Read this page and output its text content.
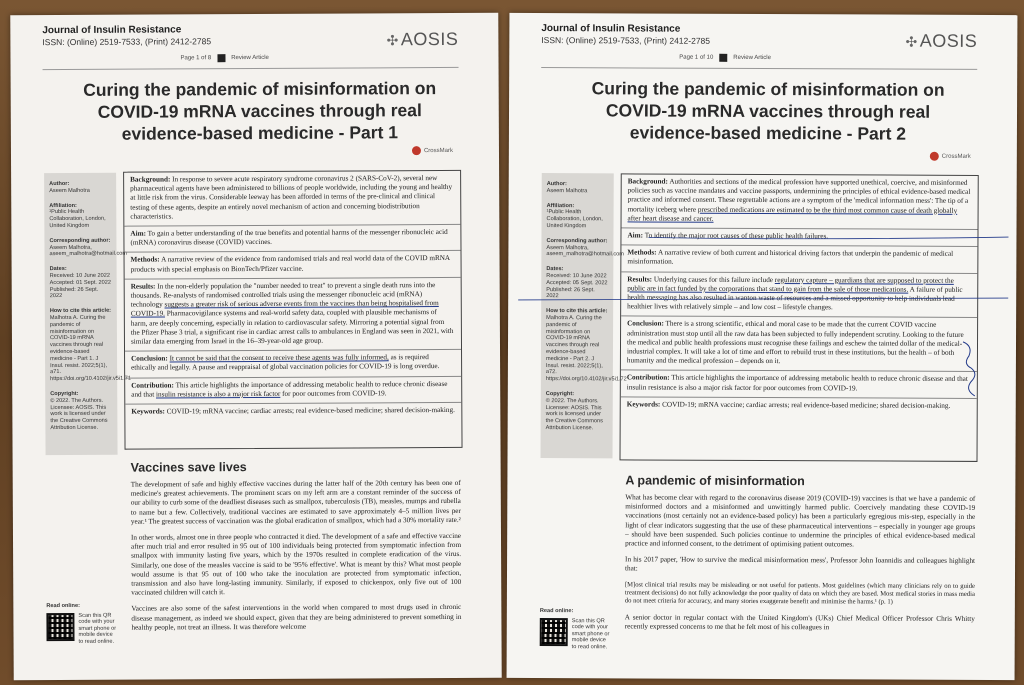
Journal of Insulin Resistance
ISSN: (Online) 2519-7533, (Print) 2412-2785	✣ AOSIS
Page 1 of 8	Review Article
Curing the pandemic of misinformation on COVID-19 mRNA vaccines through real evidence-based medicine - Part 1
CrossMark
Author:
Aseem Malhotra
Affiliation:
¹Public Health Collaboration, London, United Kingdom
Corresponding author:
Aseem Malhotra, aseem_malhotra@hotmail.com
Dates:
Received: 10 June 2022 Accepted: 01 Sept. 2022 Published: 26 Sept. 2022
How to cite this article:
Malhotra A. Curing the pandemic of misinformation on COVID-19 mRNA vaccines through real evidence-based medicine - Part 1. J Insul. resist. 2022;5(1), a71. https://doi.org/10.4102/jir.v5i1.71
Copyright:
© 2022. The Authors. Licensee: AOSIS. This work is licensed under the Creative Commons Attribution License.

Background: In response to severe acute respiratory syndrome coronavirus 2 (SARS-CoV-2), several new pharmaceutical agents have been administered to billions of people worldwide, including the young and healthy at little risk from the virus. Considerable leeway has been afforded in terms of the pre-clinical and clinical testing of these agents, despite an entirely novel mechanism of action and concerning biodistribution characteristics.

Aim: To gain a better understanding of the true benefits and potential harms of the messenger ribonucleic acid (mRNA) coronavirus disease (COVID) vaccines.

Methods: A narrative review of the evidence from randomised trials and real world data of the COVID mRNA products with special emphasis on BionTech/Pfizer vaccine.

Results: In the non-elderly population the "number needed to treat" to prevent a single death runs into the thousands. Re-analysts of randomised controlled trials using the messenger ribonucleic acid (mRNA) technology suggests a greater risk of serious adverse events from the vaccines than being hospitalised from COVID-19. Pharmacovigilance systems and real-world safety data, coupled with plausible mechanisms of harm, are deeply concerning, especially in relation to cardiovascular safety. Mirroring a potential signal from the Pfizer Phase 3 trial, a significant rise in cardiac arrest calls to ambulances in England was seen in 2021, with similar data emerging from Israel in the 16–39-year-old age group.

Conclusion: It cannot be said that the consent to receive these agents was fully informed, as is required ethically and legally. A pause and reappraisal of global vaccination policies for COVID-19 is long overdue.

Contribution: This article highlights the importance of addressing metabolic health to reduce chronic disease and that insulin resistance is also a major risk factor for poor outcomes from COVID-19.

Keywords: COVID-19; mRNA vaccine; cardiac arrests; real evidence-based medicine; shared decision-making.

Vaccines save lives

The development of safe and highly effective vaccines during the latter half of the 20th century has been one of medicine's greatest achievements. The prominent scars on my left arm are a constant reminder of the success of our ability to curb some of the deadliest diseases such as smallpox, tuberculosis (TB), measles, mumps and rubella to name but a few. Collectively, traditional vaccines are estimated to save approximately 4–5 million lives per year.¹ The greatest success of vaccination was the global eradication of smallpox, which had a 30% mortality rate.²

In other words, almost one in three people who contracted it died. The development of a safe and effective vaccine after much trial and error resulted in 95 out of 100 individuals being protected from symptomatic infection from smallpox with immunity lasting five years, which by the 1970s resulted in complete eradication of the virus. Similarly, one dose of the measles vaccine is said to be '95% effective'. What is meant by this? What most people would assume is that 95 out of 100 who take the inoculation are protected from symptomatic infection, transmission and also have long-lasting immunity. Similarly, if exposed to chickenpox, only five out of 100 vaccinated children will catch it.

Vaccines are also some of the safest interventions in the world when compared to most drugs used in chronic disease management, as indeed we should expect, given that they are being administered to prevent something in healthy people, not treat an illness. It was therefore welcome

Read online:
Scan this QR code with your smart phone or mobile device to read online.
Journal of Insulin Resistance
ISSN: (Online) 2519-7533, (Print) 2412-2785	✣ AOSIS
Page 1 of 10	Review Article
Curing the pandemic of misinformation on COVID-19 mRNA vaccines through real evidence-based medicine - Part 2
CrossMark
Author:
Aseem Malhotra
Affiliation:
¹Public Health Collaboration, London, United Kingdom
Corresponding author:
Aseem Malhotra, aseem_malhotra@hotmail.com
Dates:
Received: 10 June 2022 Accepted: 05 Sept. 2022 Published: 26 Sept. 2022
How to cite this article:
Malhotra A. Curing the pandemic of misinformation on COVID-19 mRNA vaccines through real evidence-based medicine - Part 2. J Insul. resist. 2022;5(1), a72. https://doi.org/10.4102/jir.v5i1.72
Copyright:
© 2022. The Authors. Licensee: AOSIS. This work is licensed under the Creative Commons Attribution License.

Background: Authorities and sections of the medical profession have supported unethical, coercive, and misinformed policies such as vaccine mandates and vaccine passports, undermining the principles of ethical evidence-based medical practice and informed consent. These regrettable actions are a symptom of the 'medical information mess': The tip of a mortality iceberg where prescribed medications are estimated to be the third most common cause of death globally after heart disease and cancer.

Aim: To identify the major root causes of these public health failures.

Methods: A narrative review of both current and historical driving factors that underpin the pandemic of medical misinformation.

Results: Underlying causes for this failure include regulatory capture – guardians that are supposed to protect the public are in fact funded by the corporations that stand to gain from the sale of those medications. A failure of public health messaging has also resulted in wanton waste of resources and a missed opportunity to help individuals lead healthier lives with relatively simple – and low cost – lifestyle changes.

Conclusion: There is a strong scientific, ethical and moral case to be made that the current COVID vaccine administration must stop until all the raw data has been subjected to fully independent scrutiny. Looking to the future the medical and public health professions must recognise these failings and eschew the tainted dollar of the medical-industrial complex. It will take a lot of time and effort to rebuild trust in these institutions, but the health – of both humanity and the medical profession – depends on it.

Contribution: This article highlights the importance of addressing metabolic health to reduce chronic disease and that insulin resistance is also a major risk factor for poor outcomes from COVID-19.

Keywords: COVID-19; mRNA vaccine; cardiac arrests; real evidence-based medicine; shared decision-making.

A pandemic of misinformation

What has become clear with regard to the coronavirus disease 2019 (COVID-19) vaccines is that we have a pandemic of misinformed doctors and a misinformed and unwittingly harmed public. Coercively mandating these COVID-19 vaccinations (most certainly not an evidence-based policy) has been a particularly egregious mis-step, especially in the light of clear indicators suggesting that the use of these pharmaceutical interventions – especially in younger age groups – should have been suspended. Such policies continue to undermine the principles of ethical evidence-based medical practice and informed consent, to the detriment of optimising patient outcomes.

In his 2017 paper, 'How to survive the medical misinformation mess', Professor John Ioannidis and colleagues highlight that:

[M]ost clinical trial results may be misleading or not useful for patients. Most guidelines (which many clinicians rely on to guide treatment decisions) do not fully acknowledge the poor quality of data on which they are based. Most medical stories in mass media do not meet criteria for accuracy, and many stories exaggerate benefit and minimise the harms.¹ (p. 1)

A senior doctor in regular contact with the United Kingdom's (UKs) Chief Medical Officer Professor Chris Whitty recently expressed concerns to me that he felt most of his colleagues in

Read online:
Scan this QR code with your smart phone or mobile device to read online.
